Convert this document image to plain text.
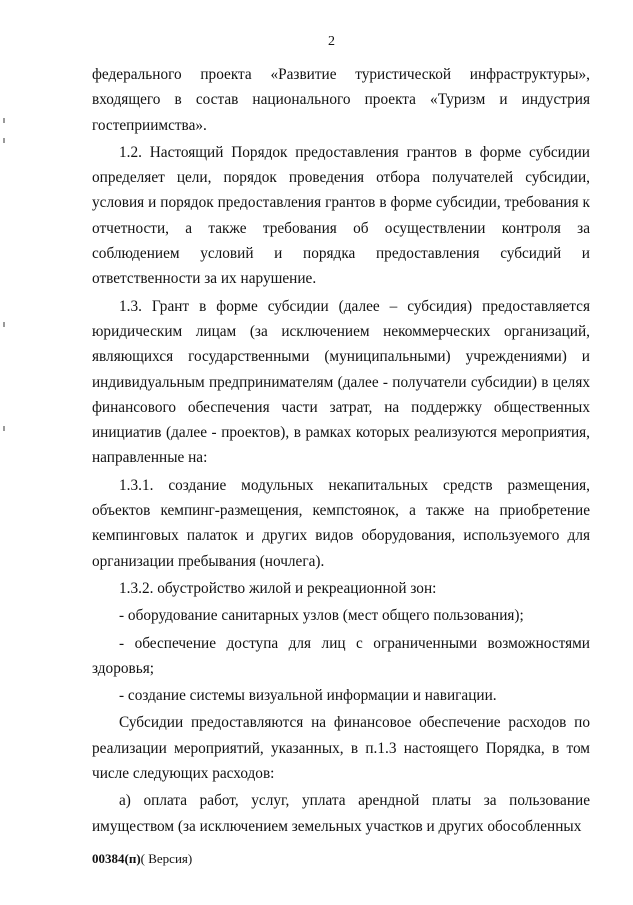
2

федерального проекта «Развитие туристической инфраструктуры», входящего в состав национального проекта «Туризм и индустрия гостеприимства».

1.2. Настоящий Порядок предоставления грантов в форме субсидии определяет цели, порядок проведения отбора получателей субсидии, условия и порядок предоставления грантов в форме субсидии, требования к отчетности, а также требования об осуществлении контроля за соблюдением условий и порядка предоставления субсидий и ответственности за их нарушение.

1.3. Грант в форме субсидии (далее – субсидия) предоставляется юридическим лицам (за исключением некоммерческих организаций, являющихся государственными (муниципальными) учреждениями) и индивидуальным предпринимателям (далее - получатели субсидии) в целях финансового обеспечения части затрат, на поддержку общественных инициатив (далее - проектов), в рамках которых реализуются мероприятия, направленные на:

1.3.1. создание модульных некапитальных средств размещения, объектов кемпинг-размещения, кемпстоянок, а также на приобретение кемпинговых палаток и других видов оборудования, используемого для организации пребывания (ночлега).

1.3.2. обустройство жилой и рекреационной зон:

- оборудование санитарных узлов (мест общего пользования);

- обеспечение доступа для лиц с ограниченными возможностями здоровья;

- создание системы визуальной информации и навигации.

Субсидии предоставляются на финансовое обеспечение расходов по реализации мероприятий, указанных, в п.1.3 настоящего Порядка, в том числе следующих расходов:

а) оплата работ, услуг, уплата арендной платы за пользование имуществом (за исключением земельных участков и других обособленных

00384(п)( Версия)
